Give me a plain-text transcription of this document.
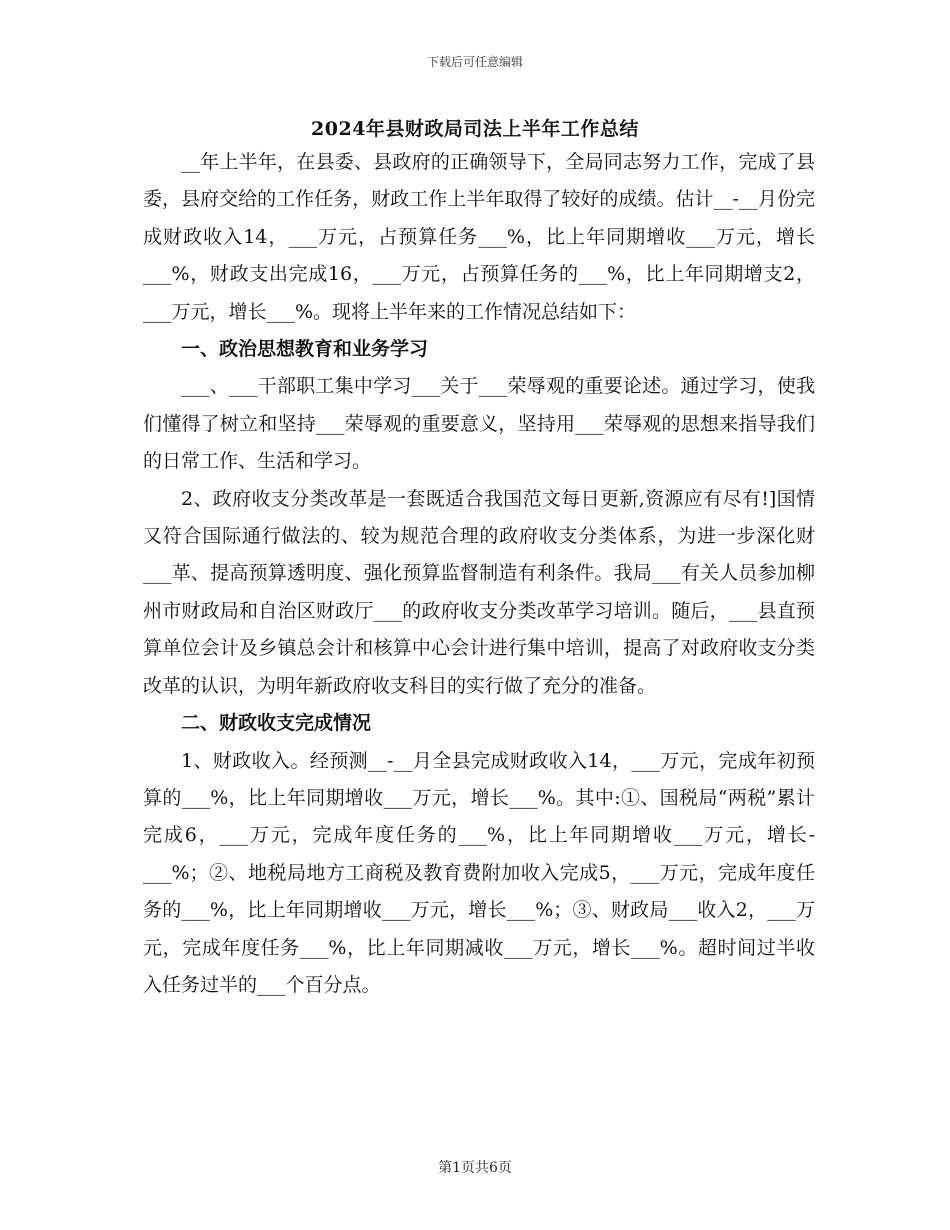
下载后可任意编辑
2024年县财政局司法上半年工作总结

__年上半年，在县委、县政府的正确领导下，全局同志努力工作，完成了县委，县府交给的工作任务，财政工作上半年取得了较好的成绩。估计__-__月份完成财政收入14，___万元，占预算任务___%，比上年同期增收___万元，增长___%，财政支出完成16，___万元，占预算任务的___%，比上年同期增支2，___万元，增长___%。现将上半年来的工作情况总结如下：

一、政治思想教育和业务学习

___、___干部职工集中学习___关于___荣辱观的重要论述。通过学习，使我们懂得了树立和坚持___荣辱观的重要意义，坚持用___荣辱观的思想来指导我们的日常工作、生活和学习。

2、政府收支分类改革是一套既适合我国范文每日更新,资源应有尽有!]国情又符合国际通行做法的、较为规范合理的政府收支分类体系，为进一步深化财___革、提高预算透明度、强化预算监督制造有利条件。我局___有关人员参加柳州市财政局和自治区财政厅___的政府收支分类改革学习培训。随后，___县直预算单位会计及乡镇总会计和核算中心会计进行集中培训，提高了对政府收支分类改革的认识，为明年新政府收支科目的实行做了充分的准备。

二、财政收支完成情况

1、财政收入。经预测__-__月全县完成财政收入14，___万元，完成年初预算的___%，比上年同期增收___万元，增长___%。其中:①、国税局“两税”累计完成6，___万元，完成年度任务的___%，比上年同期增收___万元，增长-___%；②、地税局地方工商税及教育费附加收入完成5，___万元，完成年度任务的___%，比上年同期增收___万元，增长___%；③、财政局___收入2，___万元，完成年度任务___%，比上年同期减收___万元，增长___%。超时间过半收入任务过半的___个百分点。

第1页共6页
